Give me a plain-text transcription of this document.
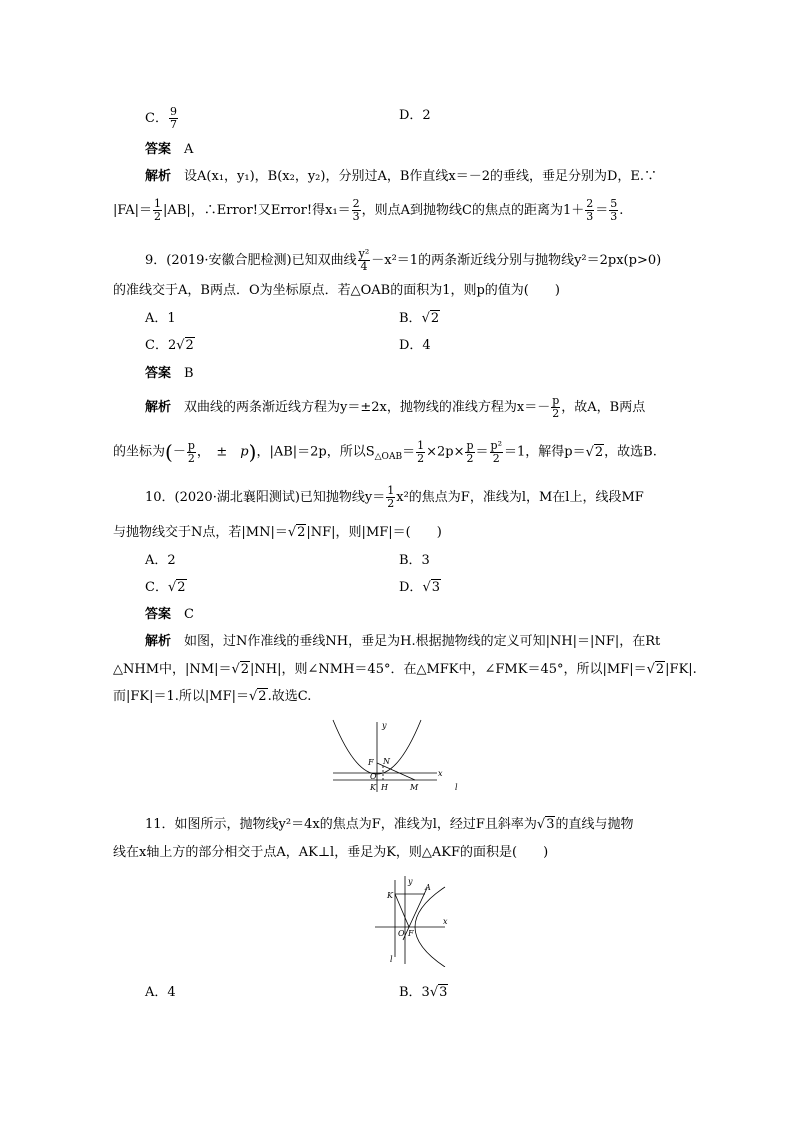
C． $\frac{9}{7}$	D．2
答案　 A
解析　 设A(x₁，y₁)，B(x₂，y₂)，分别过A，B作直线x＝－2的垂线，垂足分别为D，E.∵
$|FA|= \frac{1}{2} |AB|$，∴Error!又Error!得$x_1= \frac{2}{3}$ ，则点A到抛物线C的焦点的距离为$1+ \frac{2}{3} = \frac{5}{3}$ .
9．(2019·安徽合肥检测)已知双曲线 $\frac{\text{y²}}{4} -x^2=1$的两条渐近线分别与抛物线y²＝2px(p>0)
的准线交于A，B两点．O为坐标原点．若△OAB的面积为1，则p的值为(　　)
A．1	B．√2
C．2√2	D．4
答案　 B
解析　 双曲线的两条渐近线方程为y＝±2x，抛物线的准线方程为$x=- \frac{p}{2}$ ，故A，B两点
的坐标为(－ $\frac{p}{2}$ ，　±　p)，|AB|＝2p，所以$S_{\triangle OAB}= \frac{1}{2} \times 2p\times \frac{p}{2} = \frac{\text{p²}}{2} =1$，解得p＝√2，故选B.
10．(2020·湖北襄阳测试)已知抛物线$y= \frac{1}{2} x^2$的焦点为F，准线为l，M在l上，线段MF
与抛物线交于N点，若|MN|＝√2|NF|，则|MF|＝(　　)
A．2	B．3
C．√2	D．√3
答案　 C
解析　 如图，过N作准线的垂线NH，垂足为H.根据抛物线的定义可知|NH|＝|NF|，在Rt
△NHM中，|NM|＝√2|NH|，则∠NMH＝45°．在△MFK中，∠FMK＝45°，所以|MF|＝√2|FK|.
而|FK|＝1.所以|MF|＝√2.故选C.
y
x
F N
O
K H	M	l
11．如图所示，抛物线y²＝4x的焦点为F，准线为l，经过F且斜率为√3的直线与抛物
线在x轴上方的部分相交于点A，AK⊥l，垂足为K，则△AKF的面积是(　　)
y
x
K
A
O F
l
A．4	B．3√3
